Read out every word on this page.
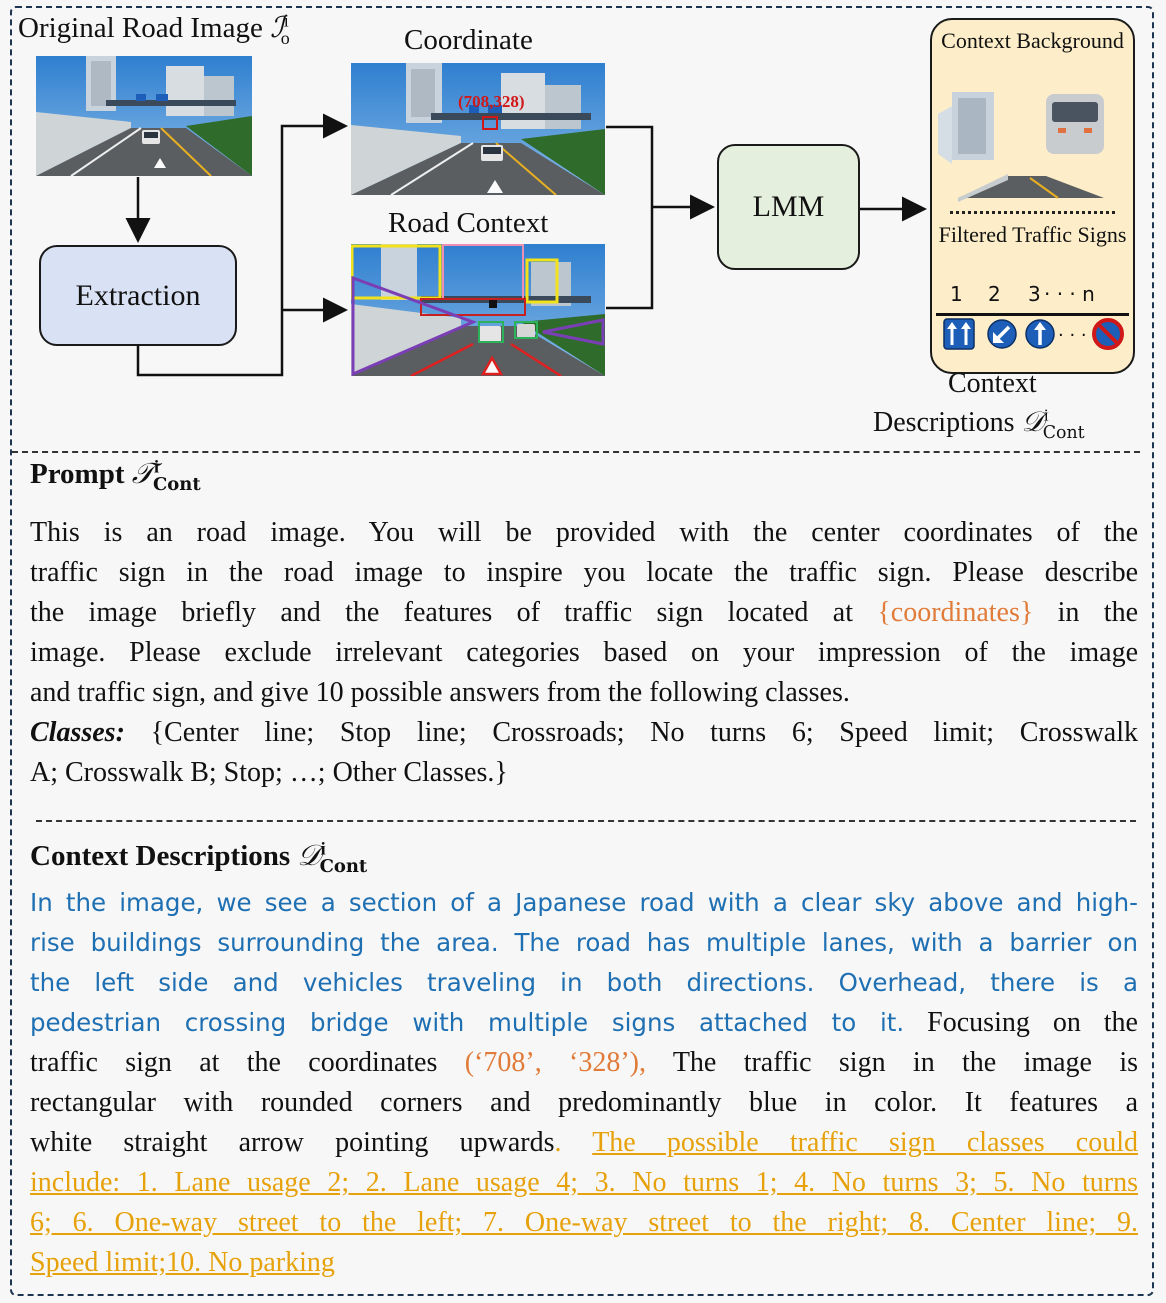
Original Road Image ℐ$^i_o$	Coordinate
(708,328)
Road Context
Extraction
LMM
Context Background
Filtered Traffic Signs
1 2 3 · · · n
· · ·
Context
Descriptions 𝒟$^i_{Cont}$
Prompt 𝒯$^i_{Cont}$
This is an road image. You will be provided with the center coordinates of the
traffic sign in the road image to inspire you locate the traffic sign. Please describe
the image briefly and the features of traffic sign located at {coordinates} in the
image. Please exclude irrelevant categories based on your impression of the image
and traffic sign, and give 10 possible answers from the following classes.
Classes: {Center line; Stop line; Crossroads; No turns 6; Speed limit; Crosswalk
A; Crosswalk B; Stop; …; Other Classes.}
Context Descriptions 𝒟$^i_{Cont}$
In the image, we see a section of a Japanese road with a clear sky above and high-
rise buildings surrounding the area. The road has multiple lanes, with a barrier on
the left side and vehicles traveling in both directions. Overhead, there is a
pedestrian crossing bridge with multiple signs attached to it. Focusing on the
traffic sign at the coordinates (‘708’, ‘328’), The traffic sign in the image is
rectangular with rounded corners and predominantly blue in color. It features a
white straight arrow pointing upwards. The possible traffic sign classes could
include: 1. Lane usage 2; 2. Lane usage 4; 3. No turns 1; 4. No turns 3; 5. No turns
6; 6. One-way street to the left; 7. One-way street to the right; 8. Center line; 9.
Speed limit;10. No parking
